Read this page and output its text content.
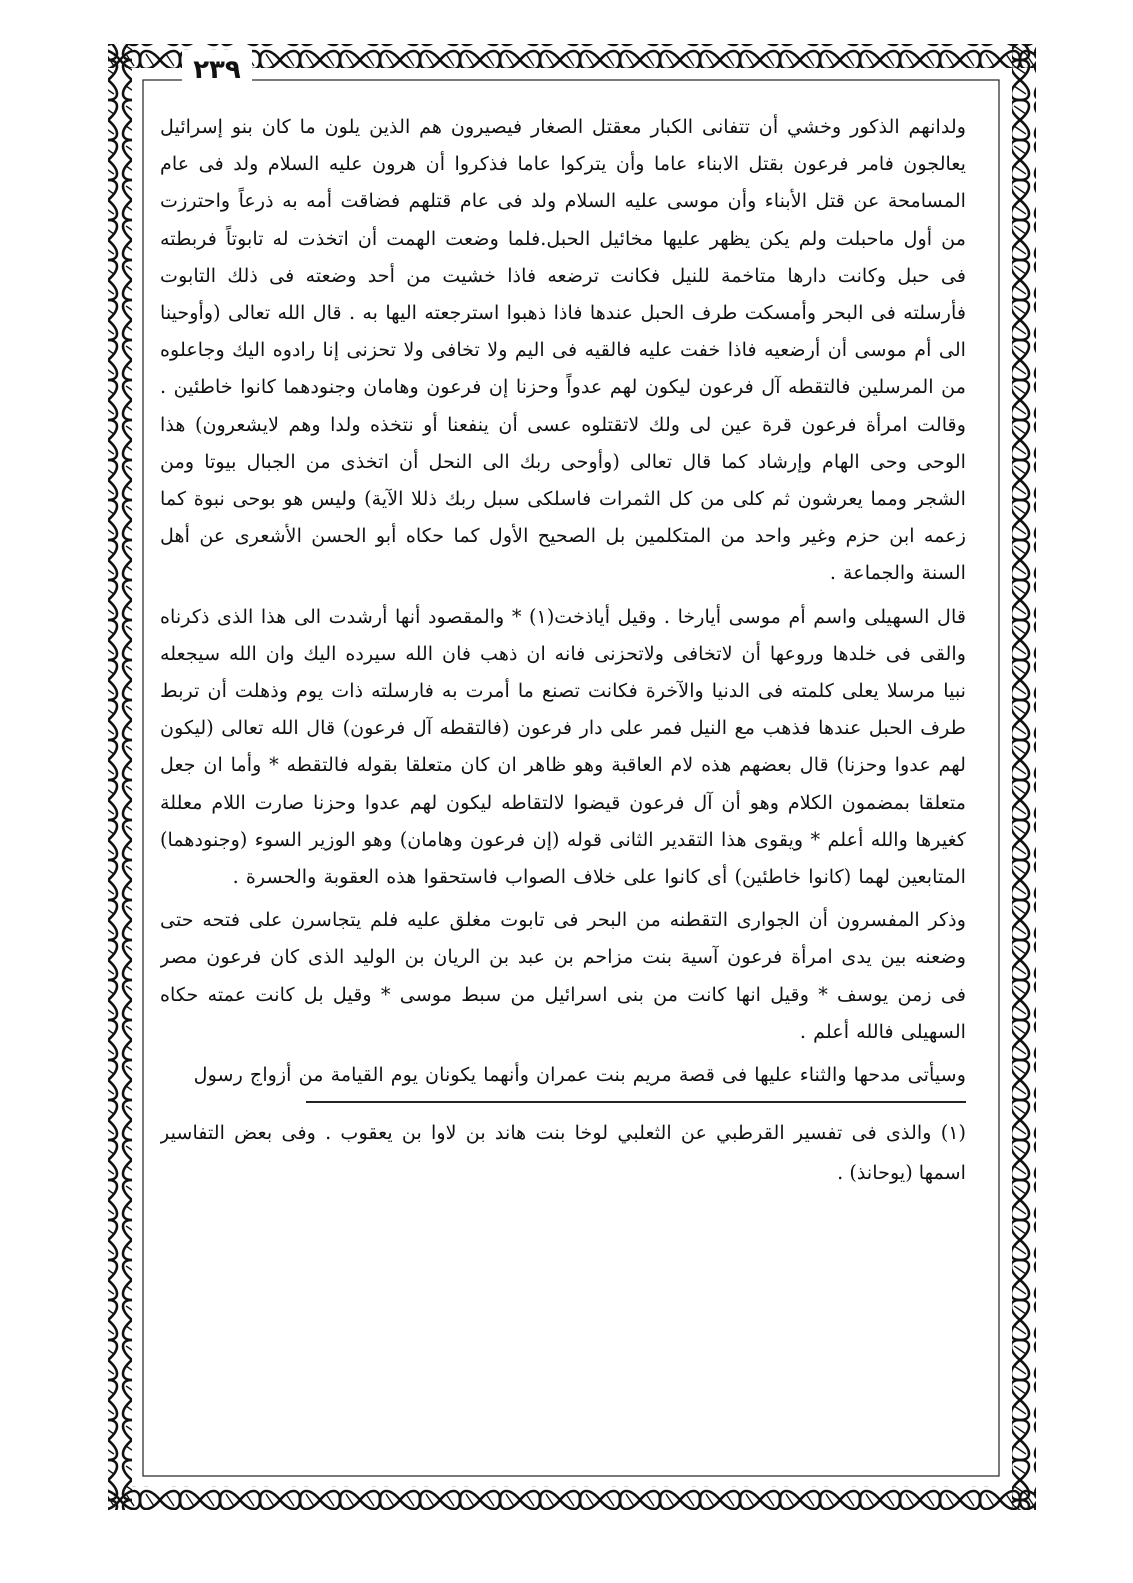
٢٣٩

ولدانهم الذكور وخشي أن تتفانى الكبار معقتل الصغار فيصيرون هم الذين يلون ما كان بنو إسرائيل يعالجون فامر فرعون بقتل الابناء عاما وأن يتركوا عاما فذكروا أن هرون عليه السلام ولد فى عام المسامحة عن قتل الأبناء وأن موسى عليه السلام ولد فى عام قتلهم فضاقت أمه به ذرعاً واحترزت من أول ماحبلت ولم يكن يظهر عليها مخائيل الحبل.فلما وضعت الهمت أن اتخذت له تابوتاً فربطته فى حبل وكانت دارها متاخمة للنيل فكانت ترضعه فاذا خشيت من أحد وضعته فى ذلك التابوت فأرسلته فى البحر وأمسكت طرف الحبل عندها فاذا ذهبوا استرجعته اليها به . قال الله تعالى (وأوحينا الى أم موسى أن أرضعيه فاذا خفت عليه فالقيه فى اليم ولا تخافى ولا تحزنى إنا رادوه اليك وجاعلوه من المرسلين فالتقطه آل فرعون ليكون لهم عدواً وحزنا إن فرعون وهامان وجنودهما كانوا خاطئين . وقالت امرأة فرعون قرة عين لى ولك لاتقتلوه عسى أن ينفعنا أو نتخذه ولدا وهم لايشعرون) هذا الوحى وحى الهام وإرشاد كما قال تعالى (وأوحى ربك الى النحل أن اتخذى من الجبال بيوتا ومن الشجر ومما يعرشون ثم كلى من كل الثمرات فاسلكى سبل ربك ذللا الآية) وليس هو بوحى نبوة كما زعمه ابن حزم وغير واحد من المتكلمين بل الصحيح الأول كما حكاه أبو الحسن الأشعرى عن أهل السنة والجماعة .

قال السهيلى واسم أم موسى أيارخا . وقيل أياذخت(١) * والمقصود أنها أرشدت الى هذا الذى ذكرناه والقى فى خلدها وروعها أن لاتخافى ولاتحزنى فانه ان ذهب فان الله سيرده اليك وان الله سيجعله نبيا مرسلا يعلى كلمته فى الدنيا والآخرة فكانت تصنع ما أمرت به فارسلته ذات يوم وذهلت أن تربط طرف الحبل عندها فذهب مع النيل فمر على دار فرعون (فالتقطه آل فرعون) قال الله تعالى (ليكون لهم عدوا وحزنا) قال بعضهم هذه لام العاقبة وهو ظاهر ان كان متعلقا بقوله فالتقطه * وأما ان جعل متعلقا بمضمون الكلام وهو أن آل فرعون قيضوا لالتقاطه ليكون لهم عدوا وحزنا صارت اللام معللة كغيرها والله أعلم * ويقوى هذا التقدير الثانى قوله (إن فرعون وهامان) وهو الوزير السوء (وجنودهما) المتابعين لهما (كانوا خاطئين) أى كانوا على خلاف الصواب فاستحقوا هذه العقوبة والحسرة .

وذكر المفسرون أن الجوارى التقطنه من البحر فى تابوت مغلق عليه فلم يتجاسرن على فتحه حتى وضعنه بين يدى امرأة فرعون آسية بنت مزاحم بن عبد بن الريان بن الوليد الذى كان فرعون مصر فى زمن يوسف * وقيل انها كانت من بنى اسرائيل من سبط موسى * وقيل بل كانت عمته حكاه السهيلى فالله أعلم .

وسيأتى مدحها والثناء عليها فى قصة مريم بنت عمران وأنهما يكونان يوم القيامة من أزواج رسول

(١) والذى فى تفسير القرطبي عن الثعلبي لوخا بنت هاند بن لاوا بن يعقوب . وفى بعض التفاسير اسمها (يوحانذ) .
